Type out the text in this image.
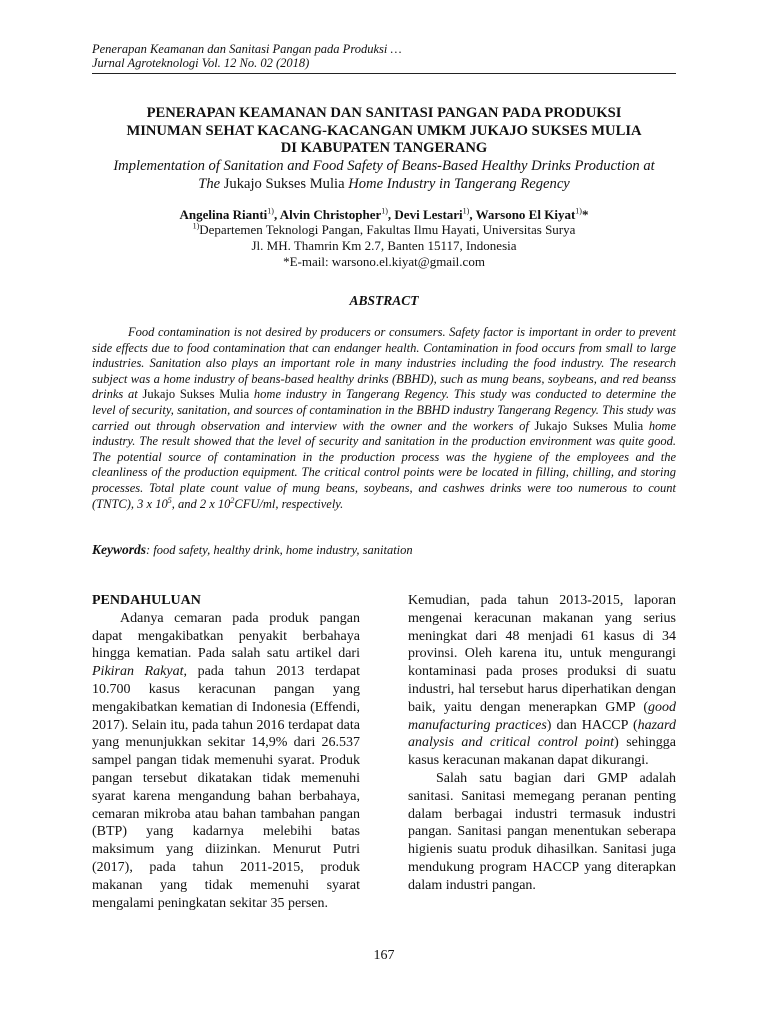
Penerapan Keamanan dan Sanitasi Pangan pada Produksi …
Jurnal Agroteknologi Vol. 12 No. 02 (2018)
PENERAPAN KEAMANAN DAN SANITASI PANGAN PADA PRODUKSI
MINUMAN SEHAT KACANG-KACANGAN UMKM JUKAJO SUKSES MULIA
DI KABUPATEN TANGERANG
Implementation of Sanitation and Food Safety of Beans-Based Healthy Drinks Production at
The Jukajo Sukses Mulia Home Industry in Tangerang Regency
Angelina Rianti$^{1)}$, Alvin Christopher$^{1)}$, Devi Lestari$^{1)}$, Warsono El Kiyat$^{1)}$*
$^{1)}$Departemen Teknologi Pangan, Fakultas Ilmu Hayati, Universitas Surya
Jl. MH. Thamrin Km 2.7, Banten 15117, Indonesia
*E-mail: warsono.el.kiyat@gmail.com
ABSTRACT
Food contamination is not desired by producers or consumers. Safety factor is important in order to prevent side effects due to food contamination that can endanger health. Contamination in food occurs from small to large industries. Sanitation also plays an important role in many industries including the food industry. The research subject was a home industry of beans-based healthy drinks (BBHD), such as mung beans, soybeans, and red beanss drinks at Jukajo Sukses Mulia home industry in Tangerang Regency. This study was conducted to determine the level of security, sanitation, and sources of contamination in the BBHD industry Tangerang Regency. This study was carried out through observation and interview with the owner and the workers of Jukajo Sukses Mulia home industry. The result showed that the level of security and sanitation in the production environment was quite good. The potential source of contamination in the production process was the hygiene of the employees and the cleanliness of the production equipment. The critical control points were be located in filling, chilling, and storing processes. Total plate count value of mung beans, soybeans, and cashwes drinks were too numerous to count (TNTC), 3 x $10^5$, and 2 x $10^2CFU/ml$, respectively.
Keywords: food safety, healthy drink, home industry, sanitation
PENDAHULUAN

Adanya cemaran pada produk pangan dapat mengakibatkan penyakit berbahaya hingga kematian. Pada salah satu artikel dari Pikiran Rakyat, pada tahun 2013 terdapat 10.700 kasus keracunan pangan yang mengakibatkan kematian di Indonesia (Effendi, 2017). Selain itu, pada tahun 2016 terdapat data yang menunjukkan sekitar 14,9% dari 26.537 sampel pangan tidak memenuhi syarat. Produk pangan tersebut dikatakan tidak memenuhi syarat karena mengandung bahan berbahaya, cemaran mikroba atau bahan tambahan pangan (BTP) yang kadarnya melebihi batas maksimum yang diizinkan. Menurut Putri (2017), pada tahun 2011-2015, produk makanan yang tidak memenuhi syarat mengalami peningkatan sekitar 35 persen.

Kemudian, pada tahun 2013-2015, laporan mengenai keracunan makanan yang serius meningkat dari 48 menjadi 61 kasus di 34 provinsi. Oleh karena itu, untuk mengurangi kontaminasi pada proses produksi di suatu industri, hal tersebut harus diperhatikan dengan baik, yaitu dengan menerapkan GMP (good manufacturing practices) dan HACCP (hazard analysis and critical control point) sehingga kasus keracunan makanan dapat dikurangi.

Salah satu bagian dari GMP adalah sanitasi. Sanitasi memegang peranan penting dalam berbagai industri termasuk industri pangan. Sanitasi pangan menentukan seberapa higienis suatu produk dihasilkan. Sanitasi juga mendukung program HACCP yang diterapkan dalam industri pangan.

167
